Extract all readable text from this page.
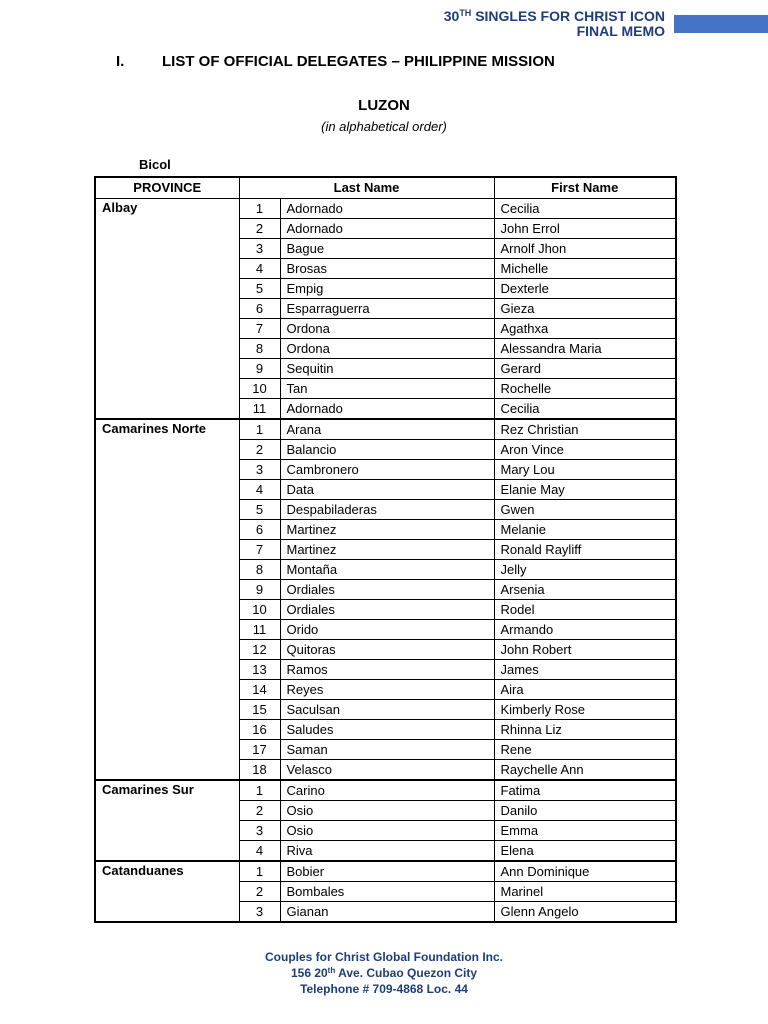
30TH SINGLES FOR CHRIST ICON
FINAL MEMO
I.	LIST OF OFFICIAL DELEGATES – PHILIPPINE MISSION
LUZON
(in alphabetical order)
Bicol
PROVINCE	Last Name		First Name
Albay	1	Adornado	Cecilia
	2	Adornado	John Errol
	3	Bague	Arnolf Jhon
	4	Brosas	Michelle
	5	Empig	Dexterle
	6	Esparraguerra	Gieza
	7	Ordona	Agathxa
	8	Ordona	Alessandra Maria
	9	Sequitin	Gerard
	10	Tan	Rochelle
	11	Adornado	Cecilia
Camarines Norte	1	Arana	Rez Christian
	2	Balancio	Aron Vince
	3	Cambronero	Mary Lou
	4	Data	Elanie May
	5	Despabiladeras	Gwen
	6	Martinez	Melanie
	7	Martinez	Ronald Rayliff
	8	Montaña	Jelly
	9	Ordiales	Arsenia
	10	Ordiales	Rodel
	11	Orido	Armando
	12	Quitoras	John Robert
	13	Ramos	James
	14	Reyes	Aira
	15	Saculsan	Kimberly Rose
	16	Saludes	Rhinna Liz
	17	Saman	Rene
	18	Velasco	Raychelle Ann
Camarines Sur	1	Carino	Fatima
	2	Osio	Danilo
	3	Osio	Emma
	4	Riva	Elena
Catanduanes	1	Bobier	Ann Dominique
	2	Bombales	Marinel
	3	Gianan	Glenn Angelo
Couples for Christ Global Foundation Inc.
156 20th Ave. Cubao Quezon City
Telephone # 709-4868 Loc. 44
